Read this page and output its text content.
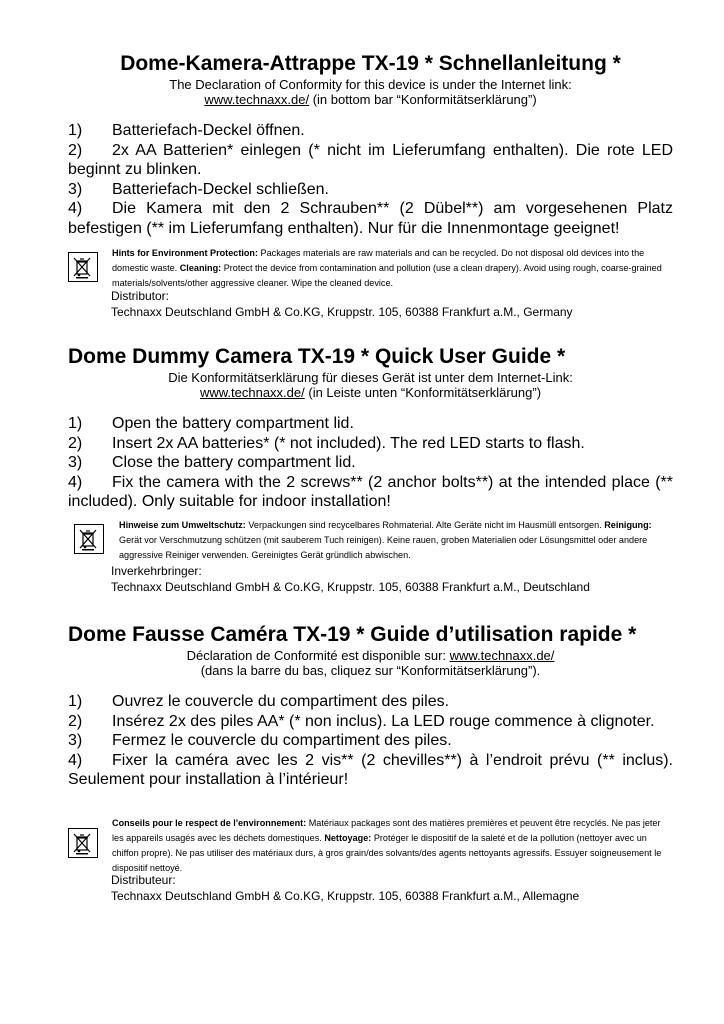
Dome-Kamera-Attrappe TX-19 * Schnellanleitung *
The Declaration of Conformity for this device is under the Internet link:
www.technaxx.de/ (in bottom bar “Konformitätserklärung”)
1) Batteriefach-Deckel öffnen.
2) 2x AA Batterien* einlegen (* nicht im Lieferumfang enthalten). Die rote LED beginnt zu blinken.
3) Batteriefach-Deckel schließen.
4) Die Kamera mit den 2 Schrauben** (2 Dübel**) am vorgesehenen Platz befestigen (** im Lieferumfang enthalten). Nur für die Innenmontage geeignet!
Hints for Environment Protection: Packages materials are raw materials and can be recycled. Do not disposal old devices into the domestic waste. Cleaning: Protect the device from contamination and pollution (use a clean drapery). Avoid using rough, coarse-grained materials/solvents/other aggressive cleaner. Wipe the cleaned device.
Distributor:
Technaxx Deutschland GmbH & Co.KG, Kruppstr. 105, 60388 Frankfurt a.M., Germany
Dome Dummy Camera TX-19 * Quick User Guide *
Die Konformitätserklärung für dieses Gerät ist unter dem Internet-Link:
www.technaxx.de/ (in Leiste unten “Konformitätserklärung”)
1) Open the battery compartment lid.
2) Insert 2x AA batteries* (* not included). The red LED starts to flash.
3) Close the battery compartment lid.
4) Fix the camera with the 2 screws** (2 anchor bolts**) at the intended place (** included). Only suitable for indoor installation!
Hinweise zum Umweltschutz: Verpackungen sind recycelbares Rohmaterial. Alte Geräte nicht im Hausmüll entsorgen. Reinigung: Gerät vor Verschmutzung schützen (mit sauberem Tuch reinigen). Keine rauen, groben Materialien oder Lösungsmittel oder andere aggressive Reiniger verwenden. Gereinigtes Gerät gründlich abwischen.
Inverkehrbringer:
Technaxx Deutschland GmbH & Co.KG, Kruppstr. 105, 60388 Frankfurt a.M., Deutschland
Dome Fausse Caméra TX-19 * Guide d’utilisation rapide *
Déclaration de Conformité est disponible sur: www.technaxx.de/
(dans la barre du bas, cliquez sur “Konformitätserklärung”).
1) Ouvrez le couvercle du compartiment des piles.
2) Insérez 2x des piles AA* (* non inclus). La LED rouge commence à clignoter.
3) Fermez le couvercle du compartiment des piles.
4) Fixer la caméra avec les 2 vis** (2 chevilles**) à l’endroit prévu (** inclus). Seulement pour installation à l’intérieur!
Conseils pour le respect de l'environnement: Matériaux packages sont des matières premières et peuvent être recyclés. Ne pas jeter les appareils usagés avec les déchets domestiques. Nettoyage: Protéger le dispositif de la saleté et de la pollution (nettoyer avec un chiffon propre). Ne pas utiliser des matériaux durs, à gros grain/des solvants/des agents nettoyants agressifs. Essuyer soigneusement le dispositif nettoyé.
Distributeur:
Technaxx Deutschland GmbH & Co.KG, Kruppstr. 105, 60388 Frankfurt a.M., Allemagne
